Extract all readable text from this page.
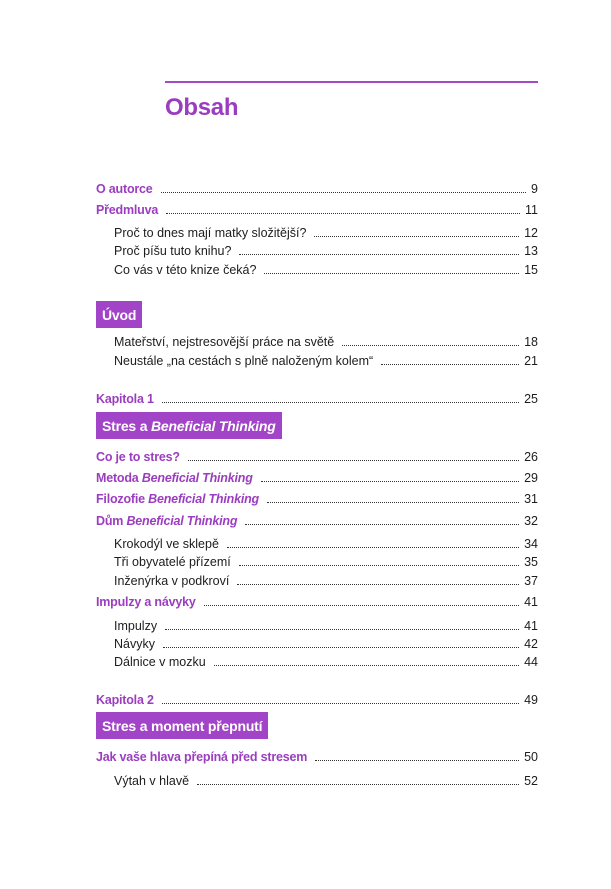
Obsah
O autorce	9
Předmluva	11
Proč to dnes mají matky složitější?	12
Proč píšu tuto knihu?	13
Co vás v této knize čeká?	15
Úvod
Mateřství, nejstresovější práce na světě	18
Neustále „na cestách s plně naloženým kolem“	21
Kapitola 1	25
Stres a
Beneficial Thinking
Co je to stres?	26
Metoda Beneficial Thinking	29
Filozofie Beneficial Thinking	31
Dům Beneficial Thinking	32
Krokodýl ve sklepě	34
Tři obyvatelé přízemí	35
Inženýrka v podkroví	37
Impulzy a návyky	41
Impulzy	41
Návyky	42
Dálnice v mozku	44
Kapitola 2	49
Stres a moment přepnutí
Jak vaše hlava přepíná před stresem	50
Výtah v hlavě	52
